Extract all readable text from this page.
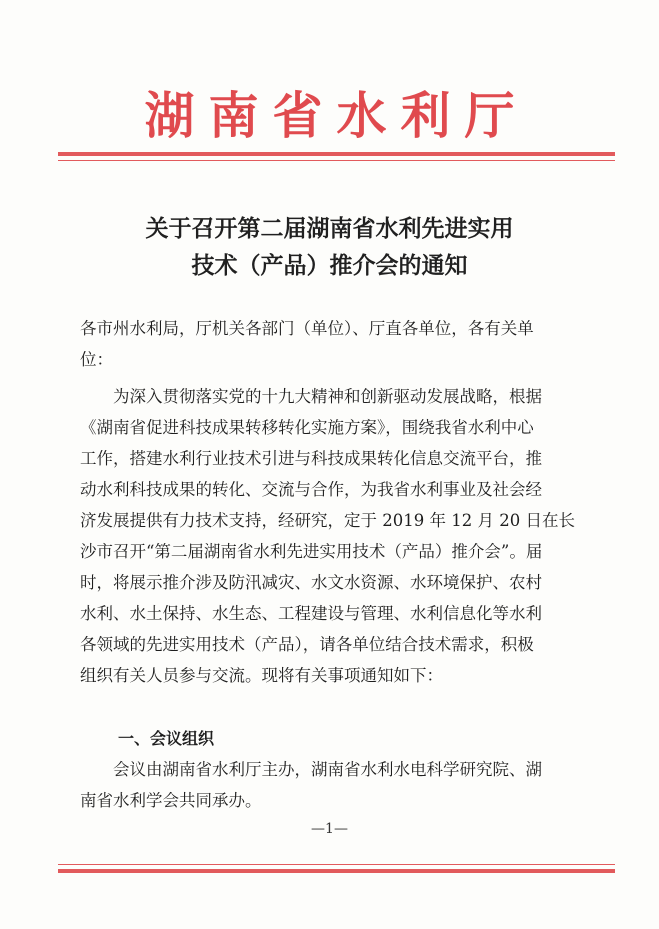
湖南省水利厅
关于召开第二届湖南省水利先进实用
技术（产品）推介会的通知
各市州水利局，厅机关各部门（单位）、厅直各单位，各有关单
位：
　　为深入贯彻落实党的十九大精神和创新驱动发展战略，根据
《湖南省促进科技成果转移转化实施方案》，围绕我省水利中心
工作，搭建水利行业技术引进与科技成果转化信息交流平台，推
动水利科技成果的转化、交流与合作，为我省水利事业及社会经
济发展提供有力技术支持，经研究，定于 2019 年 12 月 20 日在长
沙市召开“第二届湖南省水利先进实用技术（产品）推介会”。届
时，将展示推介涉及防汛减灾、水文水资源、水环境保护、农村
水利、水土保持、水生态、工程建设与管理、水利信息化等水利
各领域的先进实用技术（产品），请各单位结合技术需求，积极
组织有关人员参与交流。现将有关事项通知如下：
一、会议组织
　　会议由湖南省水利厅主办，湖南省水利水电科学研究院、湖
南省水利学会共同承办。
—1—
